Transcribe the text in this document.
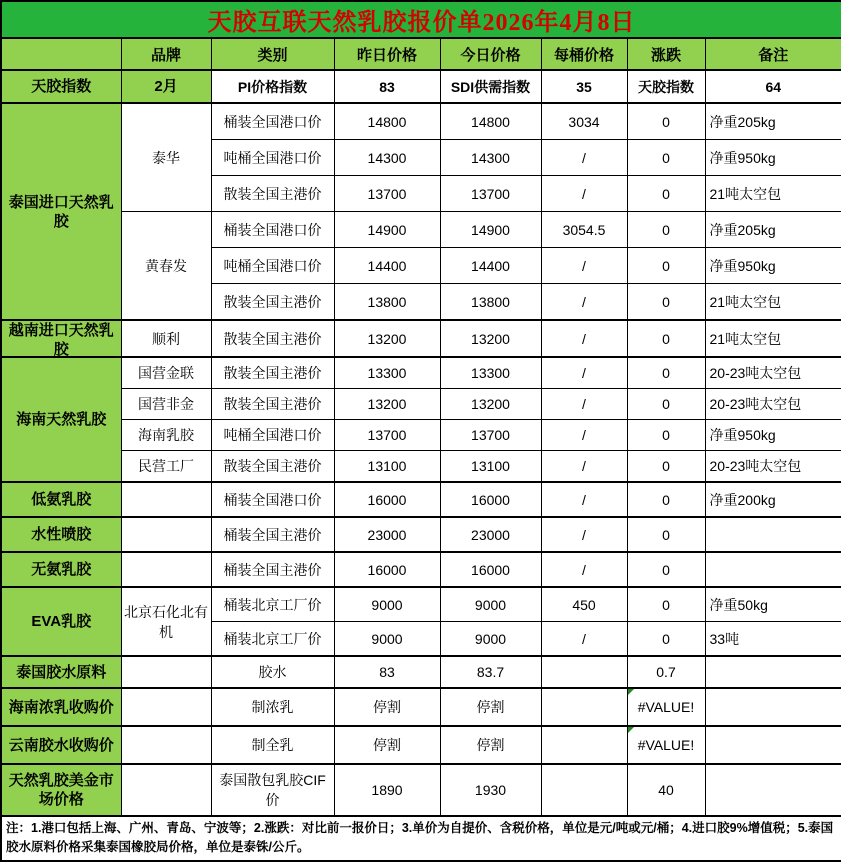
天胶互联天然乳胶报价单2026年4月8日							
	品牌	类别	昨日价格	今日价格	每桶价格	涨跌	备注
天胶指数	2月	PI价格指数	83	SDI供需指数	35	天胶指数	64
泰国进口天然乳胶	泰华	桶装全国港口价	14800	14800	3034	0	净重205kg
		吨桶全国港口价	14300	14300	/	0	净重950kg
		散装全国主港价	13700	13700	/	0	21吨太空包
	黄春发	桶装全国港口价	14900	14900	3054.5	0	净重205kg
		吨桶全国港口价	14400	14400	/	0	净重950kg
		散装全国主港价	13800	13800	/	0	21吨太空包

越南进口天然乳胶	顺利	散装全国主港价	13200	13200	/	0	21吨太空包
海南天然乳胶	国营金联	散装全国主港价	13300	13300	/	0	20-23吨太空包
	国营非金	散装全国主港价	13200	13200	/	0	20-23吨太空包
	海南乳胶	吨桶全国港口价	13700	13700	/	0	净重950kg
	民营工厂	散装全国主港价	13100	13100	/	0	20-23吨太空包
低氨乳胶		桶装全国港口价	16000	16000	/	0	净重200kg
水性喷胶		桶装全国主港价	23000	23000	/	0	
无氨乳胶		桶装全国主港价	16000	16000	/	0	
EVA乳胶	北京石化北有机	桶装北京工厂价	9000	9000	450	0	净重50kg
		桶装北京工厂价	9000	9000	/	0	33吨
泰国胶水原料		胶水	83	83.7		0.7	
海南浓乳收购价		制浓乳	停割	停割		#VALUE!	
云南胶水收购价		制全乳	停割	停割		#VALUE!	
天然乳胶美金市场价格		泰国散包乳胶CIF价	1890	1930		40	
注：1.港口包括上海、广州、青岛、宁波等；2.涨跌：对比前一报价日；3.单价为自提价、含税价格，单位是元/吨或元/桶；4.进口胶9%增值税；5.泰国胶水原料价格采集泰国橡胶局价格，单位是泰铢/公斤。							
